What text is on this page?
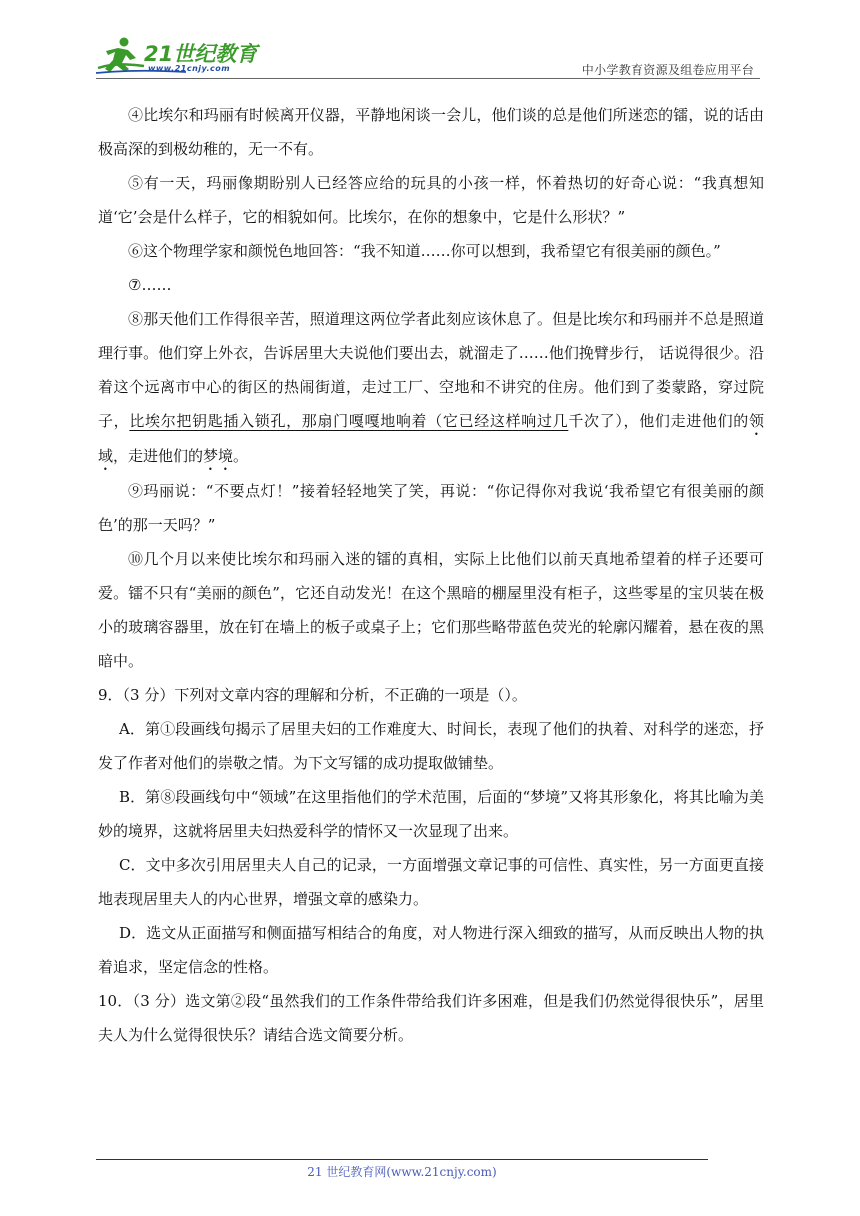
21世纪教育
www.21cnjy.com	中小学教育资源及组卷应用平台

④比埃尔和玛丽有时候离开仪器，平静地闲谈一会儿，他们谈的总是他们所迷恋的镭，说的话由极高深的到极幼稚的，无一不有。

⑤有一天，玛丽像期盼别人已经答应给的玩具的小孩一样，怀着热切的好奇心说：“我真想知道‘它’会是什么样子，它的相貌如何。比埃尔，在你的想象中，它是什么形状？”

⑥这个物理学家和颜悦色地回答：“我不知道……你可以想到，我希望它有很美丽的颜色。”

⑦……

⑧那天他们工作得很辛苦，照道理这两位学者此刻应该休息了。但是比埃尔和玛丽并不总是照道理行事。他们穿上外衣，告诉居里大夫说他们要出去，就溜走了……他们挽臂步行， 话说得很少。沿着这个远离市中心的街区的热闹街道，走过工厂、空地和不讲究的住房。他们到了娄蒙路，穿过院子，比埃尔把钥匙插入锁孔，那扇门嘎嘎地响着（它已经这样响过几千次了），他们走进他们的领域，走进他们的梦境。

⑨玛丽说：“不要点灯！”接着轻轻地笑了笑，再说：“你记得你对我说‘我希望它有很美丽的颜色’的那一天吗？”

⑩几个月以来使比埃尔和玛丽入迷的镭的真相，实际上比他们以前天真地希望着的样子还要可爱。镭不只有“美丽的颜色”，它还自动发光！在这个黑暗的棚屋里没有柜子，这些零星的宝贝装在极小的玻璃容器里，放在钉在墙上的板子或桌子上；它们那些略带蓝色荧光的轮廓闪耀着，悬在夜的黑暗中。

9．（3 分）下列对文章内容的理解和分析，不正确的一项是（）。

A．第①段画线句揭示了居里夫妇的工作难度大、时间长，表现了他们的执着、对科学的迷恋，抒发了作者对他们的崇敬之情。为下文写镭的成功提取做铺垫。

B．第⑧段画线句中“领域”在这里指他们的学术范围，后面的“梦境”又将其形象化，将其比喻为美妙的境界，这就将居里夫妇热爱科学的情怀又一次显现了出来。

C．文中多次引用居里夫人自己的记录，一方面增强文章记事的可信性、真实性，另一方面更直接地表现居里夫人的内心世界，增强文章的感染力。

D．选文从正面描写和侧面描写相结合的角度，对人物进行深入细致的描写，从而反映出人物的执着追求，坚定信念的性格。

10．（3 分）选文第②段“虽然我们的工作条件带给我们许多困难，但是我们仍然觉得很快乐”，居里夫人为什么觉得很快乐？请结合选文简要分析。

21 世纪教育网(www.21cnjy.com)
